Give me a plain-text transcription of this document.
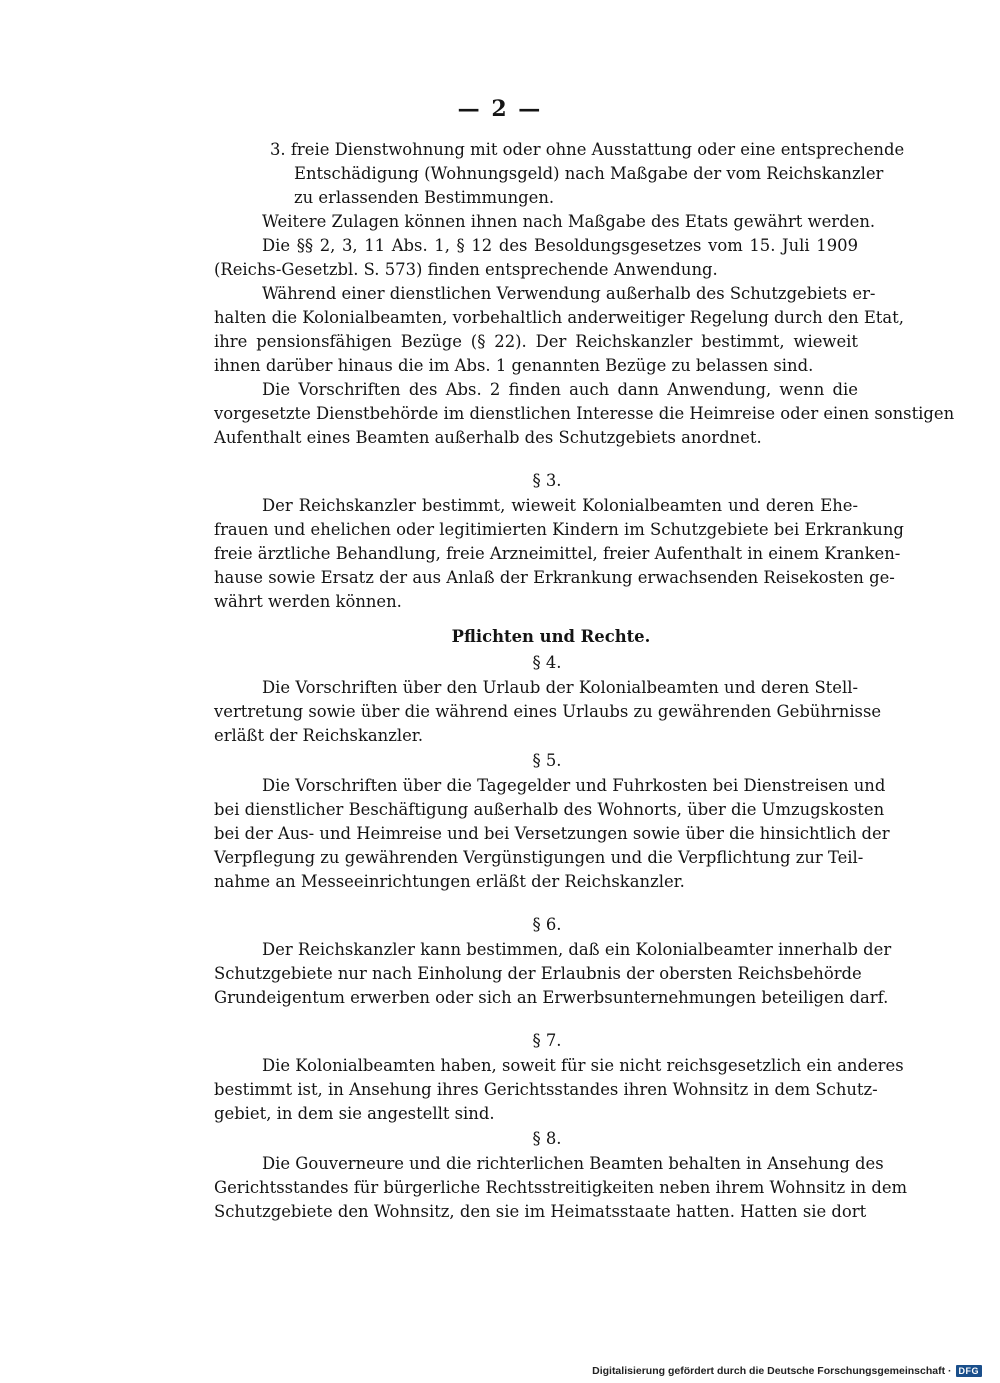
— 2 —
3. freie Dienstwohnung mit oder ohne Ausstattung oder eine entsprechende
Entschädigung (Wohnungsgeld) nach Maßgabe der vom Reichskanzler
zu erlassenden Bestimmungen.
Weitere Zulagen können ihnen nach Maßgabe des Etats gewährt werden.
Die §§ 2, 3, 11 Abs. 1, § 12 des Besoldungsgesetzes vom 15. Juli 1909
(Reichs-Gesetzbl. S. 573) finden entsprechende Anwendung.
Während einer dienstlichen Verwendung außerhalb des Schutzgebiets er-
halten die Kolonialbeamten, vorbehaltlich anderweitiger Regelung durch den Etat,
ihre pensionsfähigen Bezüge (§ 22). Der Reichskanzler bestimmt, wieweit
ihnen darüber hinaus die im Abs. 1 genannten Bezüge zu belassen sind.
Die Vorschriften des Abs. 2 finden auch dann Anwendung, wenn die
vorgesetzte Dienstbehörde im dienstlichen Interesse die Heimreise oder einen sonstigen
Aufenthalt eines Beamten außerhalb des Schutzgebiets anordnet.
§ 3.
Der Reichskanzler bestimmt, wieweit Kolonialbeamten und deren Ehe-
frauen und ehelichen oder legitimierten Kindern im Schutzgebiete bei Erkrankung
freie ärztliche Behandlung, freie Arzneimittel, freier Aufenthalt in einem Kranken-
hause sowie Ersatz der aus Anlaß der Erkrankung erwachsenden Reisekosten ge-
währt werden können.
Pflichten und Rechte.
§ 4.
Die Vorschriften über den Urlaub der Kolonialbeamten und deren Stell-
vertretung sowie über die während eines Urlaubs zu gewährenden Gebührnisse
erläßt der Reichskanzler.
§ 5.
Die Vorschriften über die Tagegelder und Fuhrkosten bei Dienstreisen und
bei dienstlicher Beschäftigung außerhalb des Wohnorts, über die Umzugskosten
bei der Aus- und Heimreise und bei Versetzungen sowie über die hinsichtlich der
Verpflegung zu gewährenden Vergünstigungen und die Verpflichtung zur Teil-
nahme an Messeeinrichtungen erläßt der Reichskanzler.
§ 6.
Der Reichskanzler kann bestimmen, daß ein Kolonialbeamter innerhalb der
Schutzgebiete nur nach Einholung der Erlaubnis der obersten Reichsbehörde
Grundeigentum erwerben oder sich an Erwerbsunternehmungen beteiligen darf.
§ 7.
Die Kolonialbeamten haben, soweit für sie nicht reichsgesetzlich ein anderes
bestimmt ist, in Ansehung ihres Gerichtsstandes ihren Wohnsitz in dem Schutz-
gebiet, in dem sie angestellt sind.
§ 8.
Die Gouverneure und die richterlichen Beamten behalten in Ansehung des
Gerichtsstandes für bürgerliche Rechtsstreitigkeiten neben ihrem Wohnsitz in dem
Schutzgebiete den Wohnsitz, den sie im Heimatsstaate hatten. Hatten sie dort
Digitalisierung gefördert durch die Deutsche Forschungsgemeinschaft · DFG
